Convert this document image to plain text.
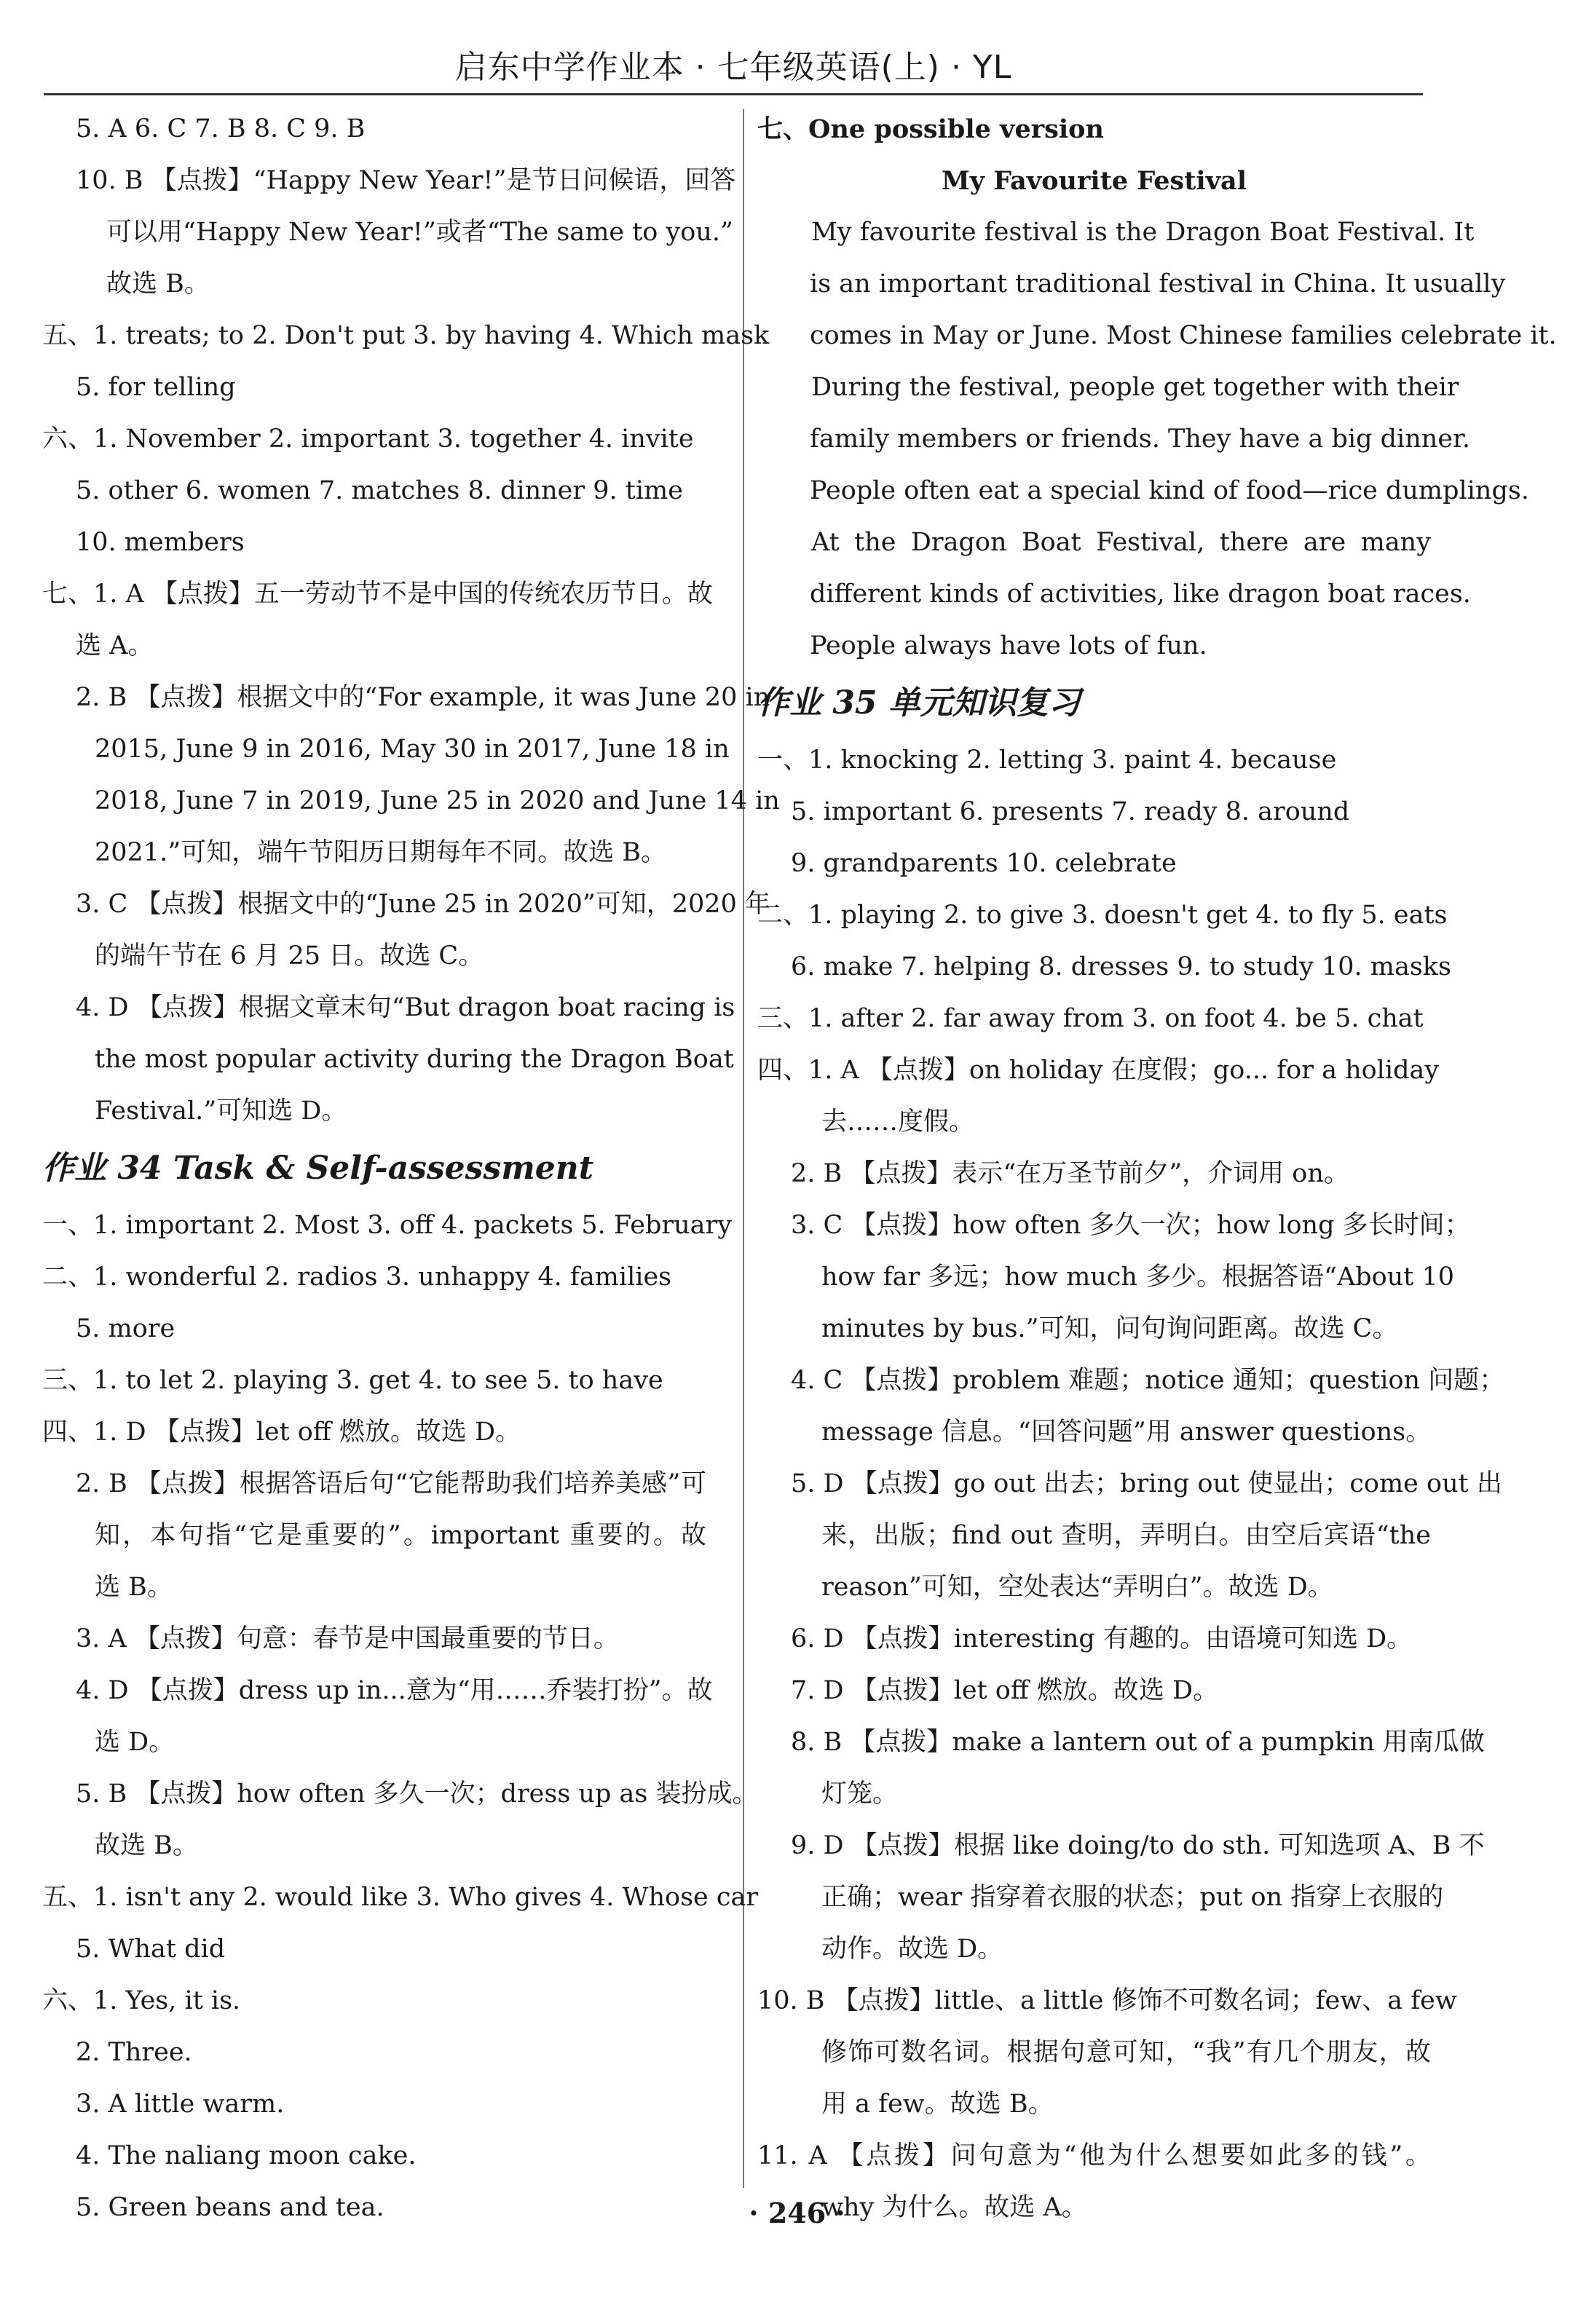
启东中学作业本 · 七年级英语(上) · YL
5. A 6. C 7. B 8. C 9. B
10. B 【点拨】“Happy New Year!”是节日问候语，回答
可以用“Happy New Year!”或者“The same to you.”
故选 B。
五、1. treats; to 2. Don't put 3. by having 4. Which mask
5. for telling
六、1. November 2. important 3. together 4. invite
5. other 6. women 7. matches 8. dinner 9. time
10. members
七、1. A 【点拨】五一劳动节不是中国的传统农历节日。故
选 A。
2. B 【点拨】根据文中的“For example, it was June 20 in
2015, June 9 in 2016, May 30 in 2017, June 18 in
2018, June 7 in 2019, June 25 in 2020 and June 14 in
2021.”可知，端午节阳历日期每年不同。故选 B。
3. C 【点拨】根据文中的“June 25 in 2020”可知，2020 年
的端午节在 6 月 25 日。故选 C。
4. D 【点拨】根据文章末句“But dragon boat racing is
the most popular activity during the Dragon Boat
Festival.”可知选 D。
作业 34 Task & Self-assessment
一、1. important 2. Most 3. off 4. packets 5. February
二、1. wonderful 2. radios 3. unhappy 4. families
5. more
三、1. to let 2. playing 3. get 4. to see 5. to have
四、1. D 【点拨】let off 燃放。故选 D。
2. B 【点拨】根据答语后句“它能帮助我们培养美感”可
知，本句指“它是重要的”。important 重要的。故
选 B。
3. A 【点拨】句意：春节是中国最重要的节日。
4. D 【点拨】dress up in...意为“用……乔装打扮”。故
选 D。
5. B 【点拨】how often 多久一次；dress up as 装扮成。
故选 B。
五、1. isn't any 2. would like 3. Who gives 4. Whose car
5. What did
六、1. Yes, it is.
2. Three.
3. A little warm.
4. The naliang moon cake.
5. Green beans and tea.
七、One possible version
My Favourite Festival
My favourite festival is the Dragon Boat Festival. It
is an important traditional festival in China. It usually
comes in May or June. Most Chinese families celebrate it.
During the festival, people get together with their
family members or friends. They have a big dinner.
People often eat a special kind of food—rice dumplings.
At the Dragon Boat Festival, there are many
different kinds of activities, like dragon boat races.
People always have lots of fun.
作业 35 单元知识复习
一、1. knocking 2. letting 3. paint 4. because
5. important 6. presents 7. ready 8. around
9. grandparents 10. celebrate
二、1. playing 2. to give 3. doesn't get 4. to fly 5. eats
6. make 7. helping 8. dresses 9. to study 10. masks
三、1. after 2. far away from 3. on foot 4. be 5. chat
四、1. A 【点拨】on holiday 在度假；go... for a holiday
去……度假。
2. B 【点拨】表示“在万圣节前夕”，介词用 on。
3. C 【点拨】how often 多久一次；how long 多长时间；
how far 多远；how much 多少。根据答语“About 10
minutes by bus.”可知，问句询问距离。故选 C。
4. C 【点拨】problem 难题；notice 通知；question 问题；
message 信息。“回答问题”用 answer questions。
5. D 【点拨】go out 出去；bring out 使显出；come out 出
来，出版；find out 查明，弄明白。由空后宾语“the
reason”可知，空处表达“弄明白”。故选 D。
6. D 【点拨】interesting 有趣的。由语境可知选 D。
7. D 【点拨】let off 燃放。故选 D。
8. B 【点拨】make a lantern out of a pumpkin 用南瓜做
灯笼。
9. D 【点拨】根据 like doing/to do sth. 可知选项 A、B 不
正确；wear 指穿着衣服的状态；put on 指穿上衣服的
动作。故选 D。
10. B 【点拨】little、a little 修饰不可数名词；few、a few
修饰可数名词。根据句意可知，“我”有几个朋友，故
用 a few。故选 B。
11. A 【点拨】问句意为“他为什么想要如此多的钱”。
why 为什么。故选 A。
· 246 ·
